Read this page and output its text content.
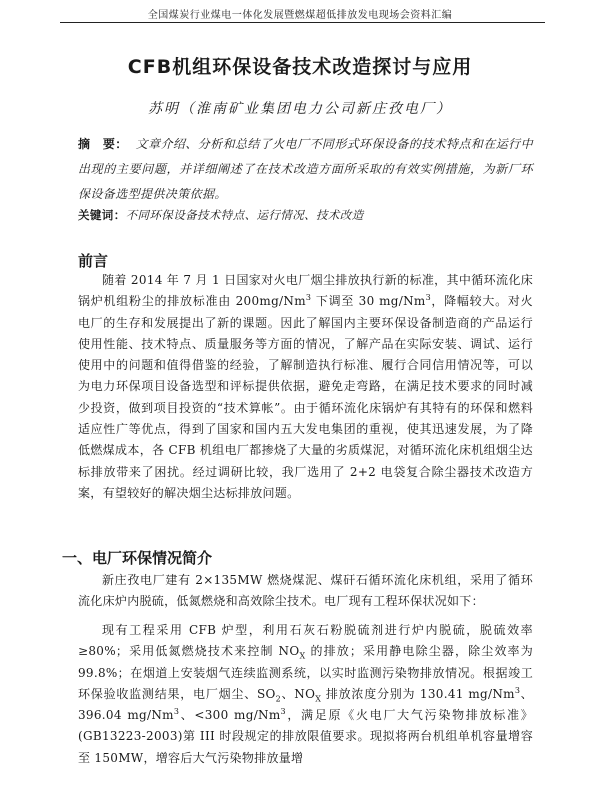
全国煤炭行业煤电一体化发展暨燃煤超低排放发电现场会资料汇编
CFB机组环保设备技术改造探讨与应用
苏明（淮南矿业集团电力公司新庄孜电厂）

摘　要： 文章介绍、分析和总结了火电厂不同形式环保设备的技术特点和在运行中出现的主要问题，并详细阐述了在技术改造方面所采取的有效实例措施，为新厂环保设备选型提供决策依据。

关键词：不同环保设备技术特点、运行情况、技术改造

前言

随着 2014 年 7 月 1 日国家对火电厂烟尘排放执行新的标准，其中循环流化床锅炉机组粉尘的排放标准由 200mg/Nm$^3$ 下调至 30 mg/Nm$^3$，降幅较大。对火电厂的生存和发展提出了新的课题。因此了解国内主要环保设备制造商的产品运行使用性能、技术特点、质量服务等方面的情况，了解产品在实际安装、调试、运行使用中的问题和值得借鉴的经验，了解制造执行标准、履行合同信用情况等，可以为电力环保项目设备选型和评标提供依据，避免走弯路，在满足技术要求的同时减少投资，做到项目投资的“技术算帐”。由于循环流化床锅炉有其特有的环保和燃料适应性广等优点，得到了国家和国内五大发电集团的重视，使其迅速发展，为了降低燃煤成本，各 CFB 机组电厂都掺烧了大量的劣质煤泥，对循环流化床机组烟尘达标排放带来了困扰。经过调研比较，我厂选用了 2+2 电袋复合除尘器技术改造方案，有望较好的解决烟尘达标排放问题。

一、电厂环保情况简介

新庄孜电厂建有 2×135MW 燃烧煤泥、煤矸石循环流化床机组，采用了循环流化床炉内脱硫，低氮燃烧和高效除尘技术。电厂现有工程环保状况如下：

现有工程采用 CFB 炉型，利用石灰石粉脱硫剂进行炉内脱硫，脱硫效率≥80%；采用低氮燃烧技术来控制 $NO_X$ 的排放；采用静电除尘器，除尘效率为 99.8%；在烟道上安装烟气连续监测系统，以实时监测污染物排放情况。根据竣工环保验收监测结果，电厂烟尘、$SO_2$、$NO_X$ 排放浓度分别为 130.41 mg/Nm$^3$、396.04 $mg/Nm^3$、<300 mg/Nm$^3$，满足原《火电厂大气污染物排放标准》(GB13223-2003)第 III 时段规定的排放限值要求。现拟将两台机组单机容量增容至 150MW，增容后大气污染物排放量增
